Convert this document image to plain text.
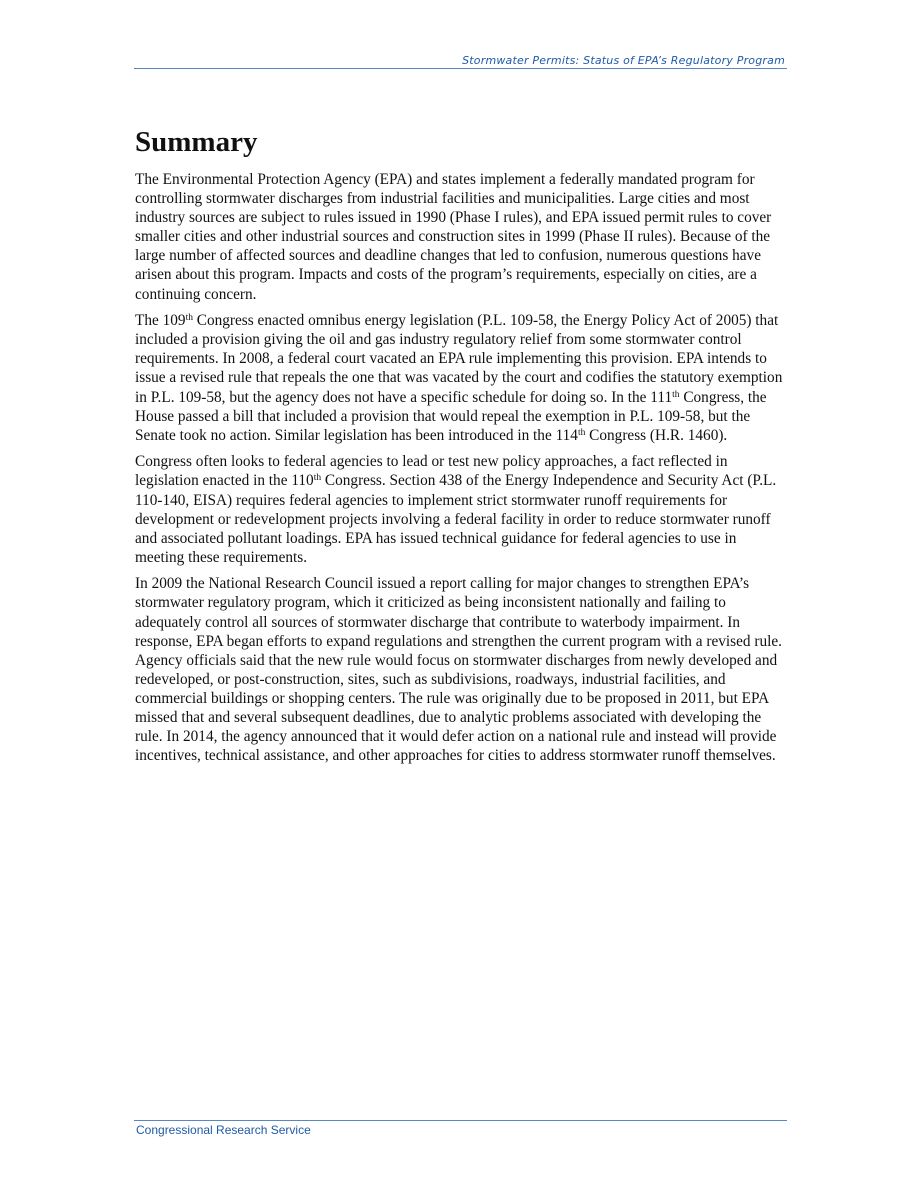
Stormwater Permits: Status of EPA’s Regulatory Program
Summary

The Environmental Protection Agency (EPA) and states implement a federally mandated program for controlling stormwater discharges from industrial facilities and municipalities. Large cities and most industry sources are subject to rules issued in 1990 (Phase I rules), and EPA issued permit rules to cover smaller cities and other industrial sources and construction sites in 1999 (Phase II rules). Because of the large number of affected sources and deadline changes that led to confusion, numerous questions have arisen about this program. Impacts and costs of the program’s requirements, especially on cities, are a continuing concern.

The 109th Congress enacted omnibus energy legislation (P.L. 109-58, the Energy Policy Act of 2005) that included a provision giving the oil and gas industry regulatory relief from some stormwater control requirements. In 2008, a federal court vacated an EPA rule implementing this provision. EPA intends to issue a revised rule that repeals the one that was vacated by the court and codifies the statutory exemption in P.L. 109-58, but the agency does not have a specific schedule for doing so. In the 111th Congress, the House passed a bill that included a provision that would repeal the exemption in P.L. 109-58, but the Senate took no action. Similar legislation has been introduced in the 114th Congress (H.R. 1460).

Congress often looks to federal agencies to lead or test new policy approaches, a fact reflected in legislation enacted in the 110th Congress. Section 438 of the Energy Independence and Security Act (P.L. 110-140, EISA) requires federal agencies to implement strict stormwater runoff requirements for development or redevelopment projects involving a federal facility in order to reduce stormwater runoff and associated pollutant loadings. EPA has issued technical guidance for federal agencies to use in meeting these requirements.

In 2009 the National Research Council issued a report calling for major changes to strengthen EPA’s stormwater regulatory program, which it criticized as being inconsistent nationally and failing to adequately control all sources of stormwater discharge that contribute to waterbody impairment. In response, EPA began efforts to expand regulations and strengthen the current program with a revised rule. Agency officials said that the new rule would focus on stormwater discharges from newly developed and redeveloped, or post-construction, sites, such as subdivisions, roadways, industrial facilities, and commercial buildings or shopping centers. The rule was originally due to be proposed in 2011, but EPA missed that and several subsequent deadlines, due to analytic problems associated with developing the rule. In 2014, the agency announced that it would defer action on a national rule and instead will provide incentives, technical assistance, and other approaches for cities to address stormwater runoff themselves.

Congressional Research Service
